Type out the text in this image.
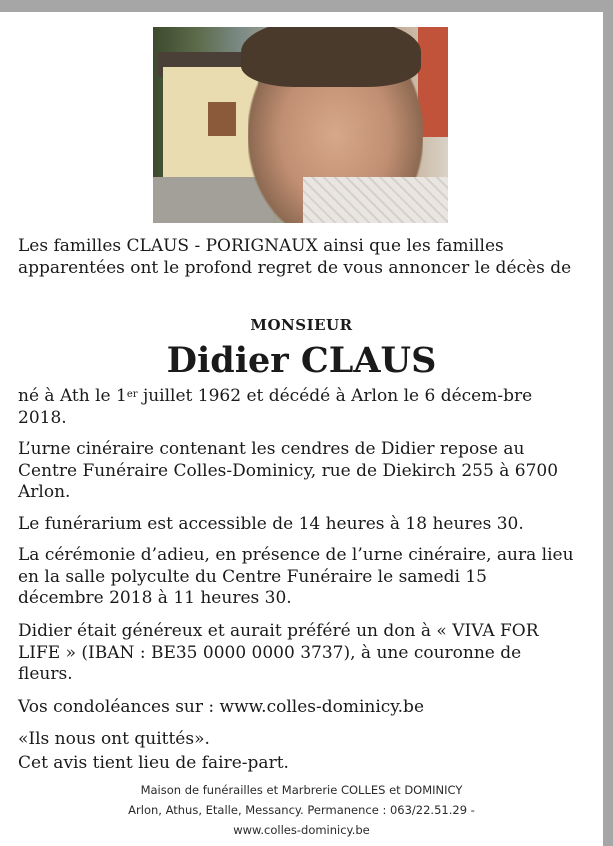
Les familles CLAUS - PORIGNAUX ainsi que les familles apparentées ont le profond regret de vous annoncer le décès de
MONSIEUR
Didier CLAUS
né à Ath le 1er juillet 1962 et décédé à Arlon le 6 décem-bre 2018.
L’urne cinéraire contenant les cendres de Didier repose au Centre Funéraire Colles-Dominicy, rue de Diekirch 255 à 6700 Arlon.
Le funérarium est accessible de 14 heures à 18 heures 30.
La cérémonie d’adieu, en présence de l’urne cinéraire, aura lieu en la salle polyculte du Centre Funéraire le samedi 15 décembre 2018 à 11 heures 30.
Didier était généreux et aurait préféré un don à « VIVA FOR LIFE » (IBAN : BE35 0000 0000 3737), à une couronne de fleurs.
Vos condoléances sur : www.colles-dominicy.be
«Ils nous ont quittés».
Cet avis tient lieu de faire-part.
Maison de funérailles et Marbrerie COLLES et DOMINICY
Arlon, Athus, Etalle, Messancy. Permanence : 063/22.51.29 -
www.colles-dominicy.be
